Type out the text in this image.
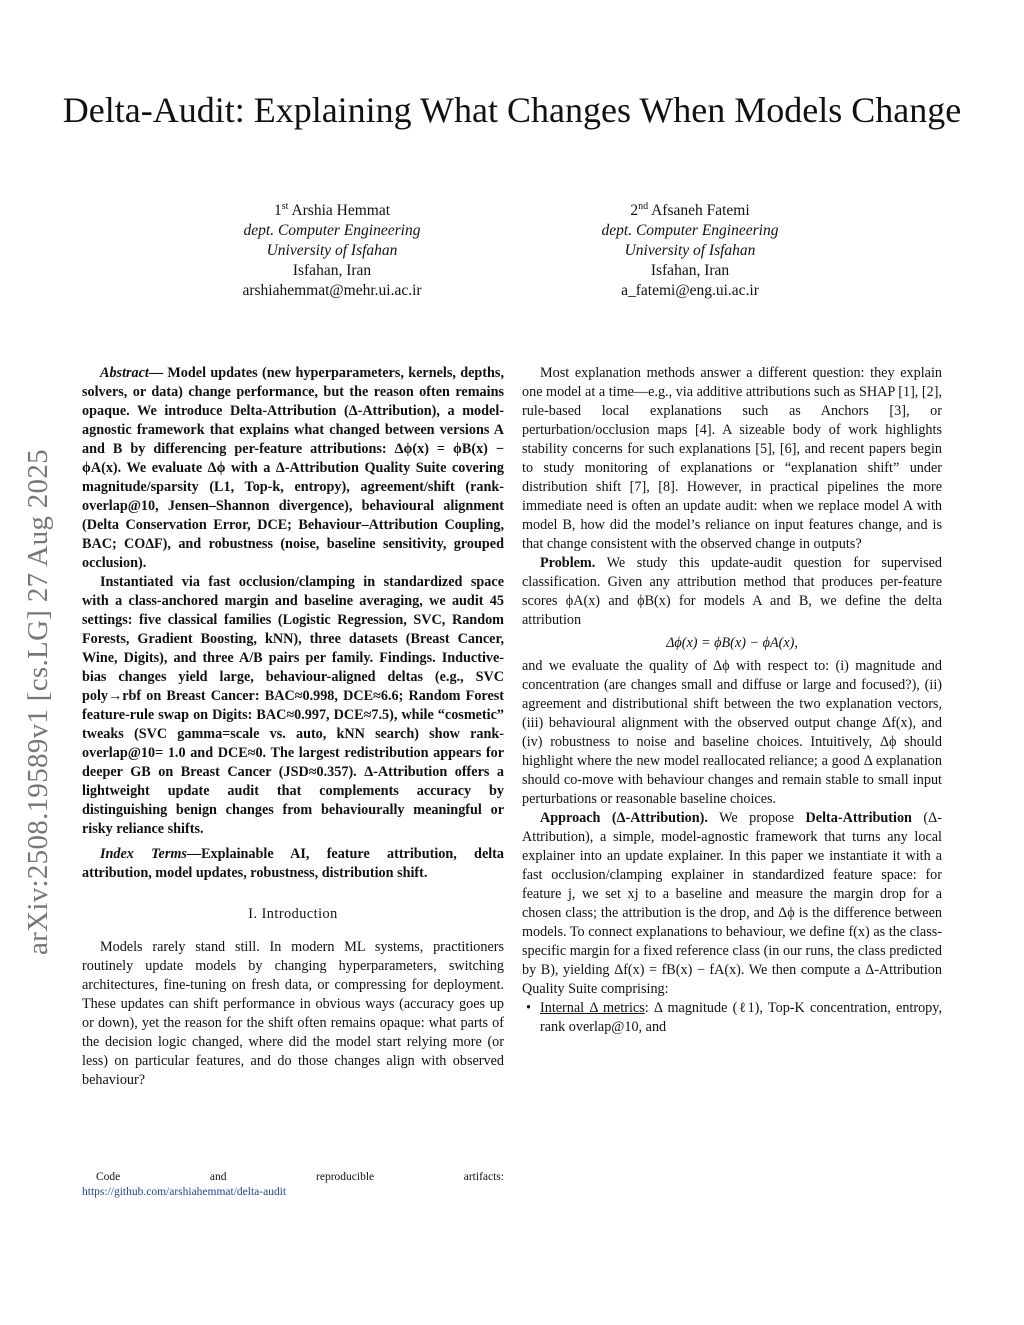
arXiv:2508.19589v1 [cs.LG] 27 Aug 2025
Delta-Audit: Explaining What Changes When Models Change
1st Arshia Hemmat
dept. Computer Engineering
University of Isfahan
Isfahan, Iran
arshiahemmat@mehr.ui.ac.ir
2nd Afsaneh Fatemi
dept. Computer Engineering
University of Isfahan
Isfahan, Iran
a_fatemi@eng.ui.ac.ir

Abstract— Model updates (new hyperparameters, kernels, depths, solvers, or data) change performance, but the reason often remains opaque. We introduce Delta-Attribution (Δ-Attribution), a model-agnostic framework that explains what changed between versions A and B by differencing per-feature attributions: Δϕ(x) = ϕB(x) − ϕA(x). We evaluate Δϕ with a Δ-Attribution Quality Suite covering magnitude/sparsity (L1, Top-k, entropy), agreement/shift (rank-overlap@10, Jensen–Shannon divergence), behavioural alignment (Delta Conservation Error, DCE; Behaviour–Attribution Coupling, BAC; CO∆F), and robustness (noise, baseline sensitivity, grouped occlusion).

Instantiated via fast occlusion/clamping in standardized space with a class-anchored margin and baseline averaging, we audit 45 settings: five classical families (Logistic Regression, SVC, Random Forests, Gradient Boosting, kNN), three datasets (Breast Cancer, Wine, Digits), and three A/B pairs per family. Findings. Inductive-bias changes yield large, behaviour-aligned deltas (e.g., SVC poly→rbf on Breast Cancer: BAC≈0.998, DCE≈6.6; Random Forest feature-rule swap on Digits: BAC≈0.997, DCE≈7.5), while “cosmetic” tweaks (SVC gamma=scale vs. auto, kNN search) show rank-overlap@10= 1.0 and DCE≈0. The largest redistribution appears for deeper GB on Breast Cancer (JSD≈0.357). Δ-Attribution offers a lightweight update audit that complements accuracy by distinguishing benign changes from behaviourally meaningful or risky reliance shifts.

Index Terms—Explainable AI, feature attribution, delta attribution, model updates, robustness, distribution shift.

I. Introduction

Models rarely stand still. In modern ML systems, practitioners routinely update models by changing hyperparameters, switching architectures, fine-tuning on fresh data, or compressing for deployment. These updates can shift performance in obvious ways (accuracy goes up or down), yet the reason for the shift often remains opaque: what parts of the decision logic changed, where did the model start relying more (or less) on particular features, and do those changes align with observed behaviour?

Code	and	reproducible	artifacts:
https://github.com/arshiahemmat/delta-audit

Most explanation methods answer a different question: they explain one model at a time—e.g., via additive attributions such as SHAP [1], [2], rule-based local explanations such as Anchors [3], or perturbation/occlusion maps [4]. A sizeable body of work highlights stability concerns for such explanations [5], [6], and recent papers begin to study monitoring of explanations or “explanation shift” under distribution shift [7], [8]. However, in practical pipelines the more immediate need is often an update audit: when we replace model A with model B, how did the model’s reliance on input features change, and is that change consistent with the observed change in outputs?

Problem. We study this update-audit question for supervised classification. Given any attribution method that produces per-feature scores ϕA(x) and ϕB(x) for models A and B, we define the delta attribution

Δϕ(x) = ϕB(x) − ϕA(x),

and we evaluate the quality of Δϕ with respect to: (i) magnitude and concentration (are changes small and diffuse or large and focused?), (ii) agreement and distributional shift between the two explanation vectors, (iii) behavioural alignment with the observed output change Δf(x), and (iv) robustness to noise and baseline choices. Intuitively, Δϕ should highlight where the new model reallocated reliance; a good Δ explanation should co-move with behaviour changes and remain stable to small input perturbations or reasonable baseline choices.

Approach (Δ-Attribution). We propose Delta-Attribution (Δ-Attribution), a simple, model-agnostic framework that turns any local explainer into an update explainer. In this paper we instantiate it with a fast occlusion/clamping explainer in standardized feature space: for feature j, we set xj to a baseline and measure the margin drop for a chosen class; the attribution is the drop, and Δϕ is the difference between models. To connect explanations to behaviour, we define f(x) as the class-specific margin for a fixed reference class (in our runs, the class predicted by B), yielding Δf(x) = fB(x) − fA(x). We then compute a Δ-Attribution Quality Suite comprising:

• Internal Δ metrics: Δ magnitude (ℓ1), Top-K concentration, entropy, rank overlap@10, and
